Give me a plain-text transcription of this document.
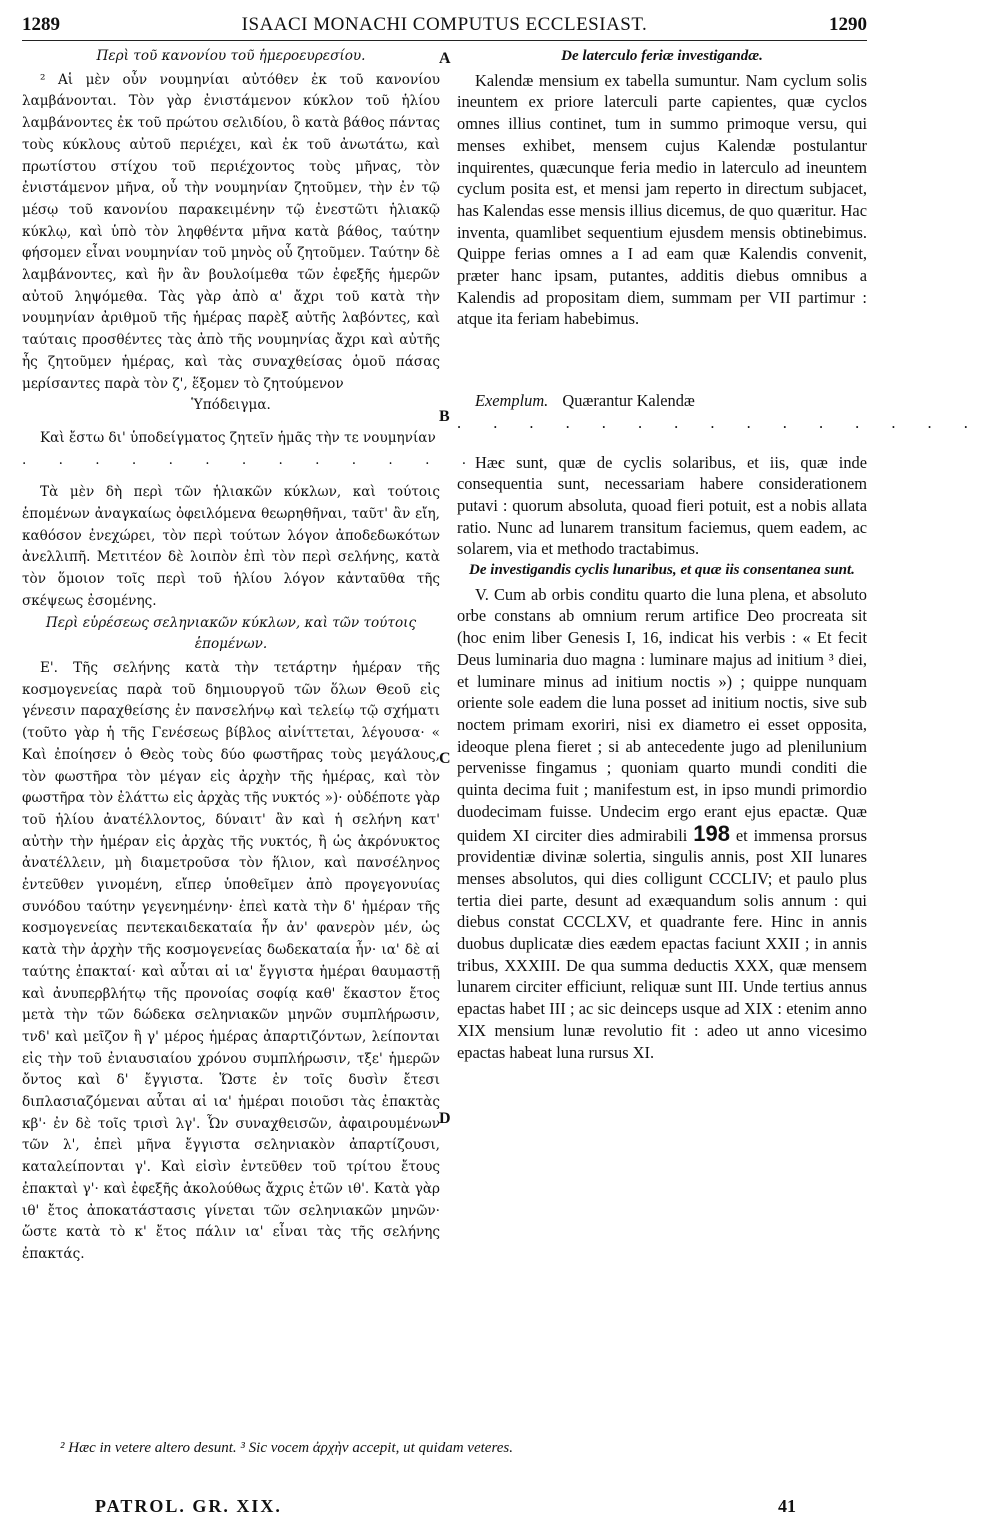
1289	ISAACI MONACHI COMPUTUS ECCLESIAST.	1290
Περὶ τοῦ κανονίου τοῦ ἡμεροευρεσίου.

² Αἱ μὲν οὖν νουμηνίαι αὐτόθεν ἐκ τοῦ κανονίου λαμβάνονται. Τὸν γὰρ ἐνιστάμενον κύκλον τοῦ ἡλίου λαμβάνοντες ἐκ τοῦ πρώτου σελιδίου, ὃ κατὰ βάθος πάντας τοὺς κύκλους αὐτοῦ περιέχει, καὶ ἐκ τοῦ ἀνωτάτω, καὶ πρωτίστου στίχου τοῦ περιέχοντος τοὺς μῆνας, τὸν ἐνιστάμενον μῆνα, οὗ τὴν νουμηνίαν ζητοῦμεν, τὴν ἐν τῷ μέσῳ τοῦ κανονίου παρακειμένην τῷ ἐνεστῶτι ἡλιακῷ κύκλῳ, καὶ ὑπὸ τὸν ληφθέντα μῆνα κατὰ βάθος, ταύτην φήσομεν εἶναι νουμηνίαν τοῦ μηνὸς οὗ ζητοῦμεν. Ταύτην δὲ λαμβάνοντες, καὶ ἣν ἂν βουλοίμεθα τῶν ἐφεξῆς ἡμερῶν αὐτοῦ ληψόμεθα. Τὰς γὰρ ἀπὸ α' ἄχρι τοῦ κατὰ τὴν νουμηνίαν ἀριθμοῦ τῆς ἡμέρας παρὲξ αὐτῆς λαβόντες, καὶ ταύταις προσθέντες τὰς ἀπὸ τῆς νουμηνίας ἄχρι καὶ αὐτῆς ἧς ζητοῦμεν ἡμέρας, καὶ τὰς συναχθείσας ὁμοῦ πάσας μερίσαντες παρὰ τὸν ζ', ἕξομεν τὸ ζητούμενον

Ὑπόδειγμα.

Καὶ ἔστω δι' ὑποδείγματος ζητεῖν ἡμᾶς τὴν τε νουμηνίαν

. . . . . . . . . . . . . . .

Τὰ μὲν δὴ περὶ τῶν ἡλιακῶν κύκλων, καὶ τούτοις ἑπομένων ἀναγκαίως ὀφειλόμενα θεωρηθῆναι, ταῦτ' ἂν εἴη, καθόσον ἐνεχώρει, τὸν περὶ τούτων λόγον ἀποδεδωκότων ἀνελλιπῆ. Μετιτέον δὲ λοιπὸν ἐπὶ τὸν περὶ σελήνης, κατὰ τὸν ὅμοιον τοῖς περὶ τοῦ ἡλίου λόγον κἀνταῦθα τῆς σκέψεως ἐσομένης.

Περὶ εὑρέσεως σεληνιακῶν κύκλων, καὶ τῶν τούτοις ἑπομένων.

Ε'. Τῆς σελήνης κατὰ τὴν τετάρτην ἡμέραν τῆς κοσμογενείας παρὰ τοῦ δημιουργοῦ τῶν ὅλων Θεοῦ εἰς γένεσιν παραχθείσης ἐν πανσελήνῳ καὶ τελείῳ τῷ σχήματι (τοῦτο γὰρ ἡ τῆς Γενέσεως βίβλος αἰνίττεται, λέγουσα· « Καὶ ἐποίησεν ὁ Θεὸς τοὺς δύο φωστῆρας τοὺς μεγάλους, τὸν φωστῆρα τὸν μέγαν εἰς ἀρχὴν τῆς ἡμέρας, καὶ τὸν φωστῆρα τὸν ἐλάττω εἰς ἀρχὰς τῆς νυκτός »)· οὐδέποτε γὰρ τοῦ ἡλίου ἀνατέλλοντος, δύναιτ' ἂν καὶ ἡ σελήνη κατ' αὐτὴν τὴν ἡμέραν εἰς ἀρχὰς τῆς νυκτός, ἢ ὡς ἀκρόνυκτος ἀνατέλλειν, μὴ διαμετροῦσα τὸν ἥλιον, καὶ πανσέληνος ἐντεῦθεν γινομένη, εἴπερ ὑποθεῖμεν ἀπὸ προγεγονυίας συνόδου ταύτην γεγενημένην· ἐπεὶ κατὰ τὴν δ' ἡμέραν τῆς κοσμογενείας πεντεκαιδεκαταία ἦν ἀν' φανερὸν μέν, ὡς κατὰ τὴν ἀρχὴν τῆς κοσμογενείας δωδεκαταία ἦν· ια' δὲ αἱ ταύτης ἐπακταί· καὶ αὗται αἱ ια' ἔγγιστα ἡμέραι θαυμαστῇ καὶ ἀνυπερβλήτῳ τῆς προνοίας σοφίᾳ καθ' ἕκαστον ἔτος μετὰ τὴν τῶν δώδεκα σεληνιακῶν μηνῶν συμπλήρωσιν, τνδ' καὶ μεῖζον ἢ γ' μέρος ἡμέρας ἀπαρτιζόντων, λείπονται εἰς τὴν τοῦ ἐνιαυσιαίου χρόνου συμπλήρωσιν, τξε' ἡμερῶν ὄντος καὶ δ' ἔγγιστα. Ὥστε ἐν τοῖς δυσὶν ἔτεσι διπλασιαζόμεναι αὗται αἱ ια' ἡμέραι ποιοῦσι τὰς ἐπακτὰς κβ'· ἐν δὲ τοῖς τρισὶ λγ'. Ὧν συναχθεισῶν, ἀφαιρουμένων τῶν λ', ἐπεὶ μῆνα ἔγγιστα σεληνιακὸν ἀπαρτίζουσι, καταλείπονται γ'. Καὶ εἰσὶν ἐντεῦθεν τοῦ τρίτου ἔτους ἐπακταὶ γ'· καὶ ἐφεξῆς ἀκολούθως ἄχρις ἐτῶν ιθ'. Κατὰ γὰρ ιθ' ἔτος ἀποκατάστασις γίνεται τῶν σεληνιακῶν μηνῶν· ὥστε κατὰ τὸ κ' ἔτος πάλιν ια' εἶναι τὰς τῆς σελήνης ἐπακτάς.

A
B
C
D
De laterculo feriæ investigandæ.

Kalendæ mensium ex tabella sumuntur. Nam cyclum solis ineuntem ex priore laterculi parte capientes, quæ cyclos omnes illius continet, tum in summo primoque versu, qui menses exhibet, mensem cujus Kalendæ postulantur inquirentes, quæcunque feria medio in laterculo ad ineuntem cyclum posita est, et mensi jam reperto in directum subjacet, has Kalendas esse mensis illius dicemus, de quo quæritur. Hac inventa, quamlibet sequentium ejusdem mensis obtinebimus. Quippe ferias omnes a I ad eam quæ Kalendis convenit, præter hanc ipsam, putantes, additis diebus omnibus a Kalendis ad propositam diem, summam per VII partimur : atque ita feriam habebimus.

Exemplum. Quærantur Kalendæ

. . . . . . . . . . . . . . .

Hæc sunt, quæ de cyclis solaribus, et iis, quæ inde consequentia sunt, necessariam habere considerationem putavi : quorum absoluta, quoad fieri potuit, est a nobis allata ratio. Nunc ad lunarem transitum faciemus, quem eadem, ac solarem, via et methodo tractabimus.

De investigandis cyclis lunaribus, et quæ iis consentanea sunt.

V. Cum ab orbis conditu quarto die luna plena, et absoluto orbe constans ab omnium rerum artifice Deo procreata sit (hoc enim liber Genesis I, 16, indicat his verbis : « Et fecit Deus luminaria duo magna : luminare majus ad initium ³ diei, et luminare minus ad initium noctis ») ; quippe nunquam oriente sole eadem die luna posset ad initium noctis, sive sub noctem primam exoriri, nisi ex diametro ei esset opposita, ideoque plena fieret ; si ab antecedente jugo ad plenilunium pervenisse fingamus ; quoniam quarto mundi conditi die quinta decima fuit ; manifestum est, in ipso mundi primordio duodecimam fuisse. Undecim ergo erant ejus epactæ. Quæ quidem XI circiter dies admirabili 198 et immensa prorsus providentiæ divinæ solertia, singulis annis, post XII lunares menses absolutos, qui dies colligunt CCCLIV; et paulo plus tertia diei parte, desunt ad exæquandum solis annum : qui diebus constat CCCLXV, et quadrante fere. Hinc in annis duobus duplicatæ dies eædem epactas faciunt XXII ; in annis tribus, XXXIII. De qua summa deductis XXX, quæ mensem lunarem circiter efficiunt, reliquæ sunt III. Unde tertius annus epactas habet III ; ac sic deinceps usque ad XIX : etenim anno XIX mensium lunæ revolutio fit : adeo ut anno vicesimo epactas habeat luna rursus XI.

² Hæc in vetere altero desunt. ³ Sic vocem ἀρχὴν accepit, ut quidam veteres.
PATROL. GR. XIX.	41
